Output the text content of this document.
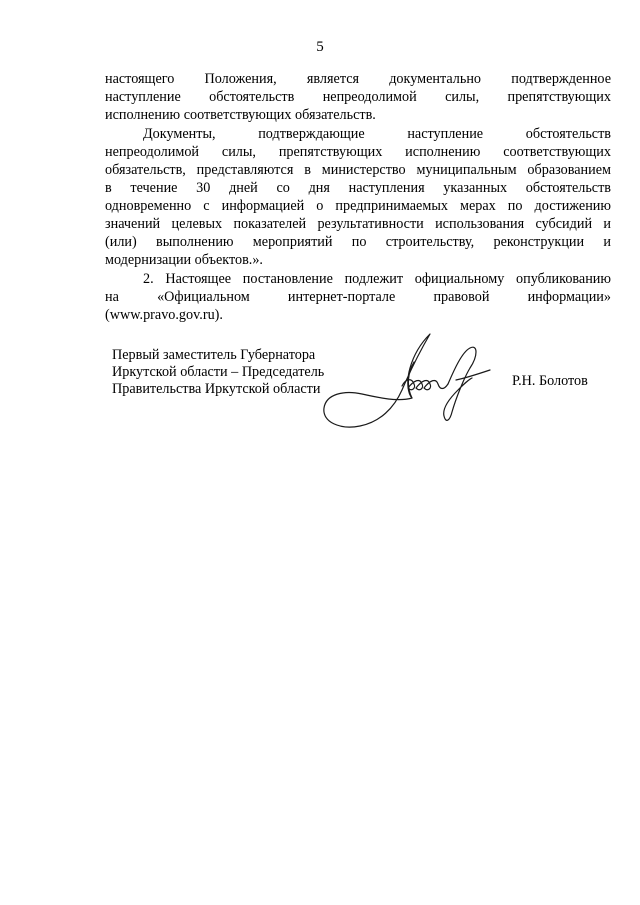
5
настоящего Положения, является документально подтвержденное
наступление обстоятельств непреодолимой силы, препятствующих
исполнению соответствующих обязательств.
Документы, подтверждающие наступление обстоятельств
непреодолимой силы, препятствующих исполнению соответствующих
обязательств, представляются в министерство муниципальным образованием
в течение 30 дней со дня наступления указанных обстоятельств
одновременно с информацией о предпринимаемых мерах по достижению
значений целевых показателей результативности использования субсидий и
(или) выполнению мероприятий по строительству, реконструкции и
модернизации объектов.».
2. Настоящее постановление подлежит официальному опубликованию
на «Официальном интернет-портале правовой информации»
(www.pravo.gov.ru).
Первый заместитель Губернатора
Иркутской области – Председатель
Правительства Иркутской области	Р.Н. Болотов
